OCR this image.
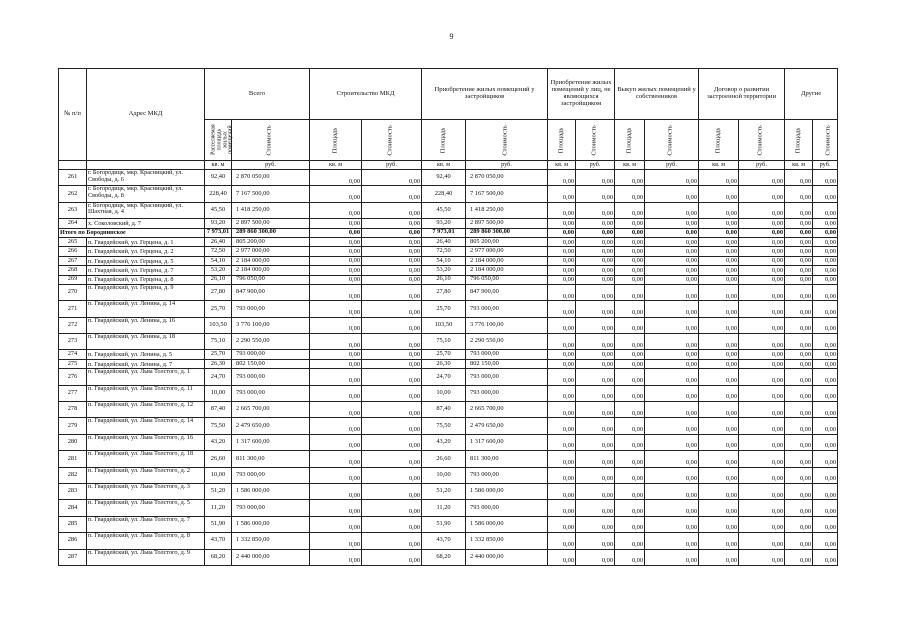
9
№ п/п	Адрес МКД	Всего		Строительство МКД		Приобретение жилых помещений у застройщиков		Приобретение жилых помещений у лиц, не являющихся застройщиком		Выкуп жилых помещений у собственников		Договор о развитии застроенной территории		Другие	
		Расселяемая площадь жилых помещений	Стоимость	Площадь	Стоимость	Площадь	Стоимость	Площадь	Стоимость	Площадь	Стоимость	Площадь	Стоимость	Площадь	Стоимость
		кв. м	руб.	кв. м	руб.	кв. м	руб.	кв. м	руб.	кв. м	руб.	кв. м	руб.	кв. м	руб.
261	г. Богородицк, мкр. Красницкий, ул. Свободы, д. 6	92,40	2 870 050,00	0,00	0,00	92,40	2 870 050,00	0,00	0,00	0,00	0,00	0,00	0,00	0,00	0,00
262	г. Богородицк, мкр. Красницкий, ул. Свободы, д. 8	228,40	7 167 500,00	0,00	0,00	228,40	7 167 500,00	0,00	0,00	0,00	0,00	0,00	0,00	0,00	0,00
263	г. Богородицк, мкр. Красницкий, ул. Шахтная, д. 4	45,50	1 418 250,00	0,00	0,00	45,50	1 418 250,00	0,00	0,00	0,00	0,00	0,00	0,00	0,00	0,00
264	х. Соколовский, д. 7	93,20	2 897 500,00	0,00	0,00	93,20	2 897 500,00	0,00	0,00	0,00	0,00	0,00	0,00	0,00	0,00
Итого по Бороднинское		7 973,01	289 860 300,00	0,00	0,00	7 973,01	289 860 300,00	0,00	0,00	0,00	0,00	0,00	0,00	0,00	0,00
265	п. Гвардейский, ул. Герцена, д. 1	26,40	805 200,00	0,00	0,00	26,40	805 200,00	0,00	0,00	0,00	0,00	0,00	0,00	0,00	0,00
266	п. Гвардейский, ул. Герцена, д. 2	72,50	2 977 000,00	0,00	0,00	72,50	2 977 000,00	0,00	0,00	0,00	0,00	0,00	0,00	0,00	0,00
267	п. Гвардейский, ул. Герцена, д. 5	54,10	2 184 000,00	0,00	0,00	54,10	2 184 000,00	0,00	0,00	0,00	0,00	0,00	0,00	0,00	0,00
268	п. Гвардейский, ул. Герцена, д. 7	53,20	2 184 000,00	0,00	0,00	53,20	2 184 000,00	0,00	0,00	0,00	0,00	0,00	0,00	0,00	0,00
269	п. Гвардейский, ул. Герцена, д. 8	26,10	796 050,00	0,00	0,00	26,10	796 050,00	0,00	0,00	0,00	0,00	0,00	0,00	0,00	0,00
270	п. Гвардейский, ул. Герцена, д. 9	27,80	847 900,00	0,00	0,00	27,80	847 900,00	0,00	0,00	0,00	0,00	0,00	0,00	0,00	0,00
271	п. Гвардейский, ул. Ленина, д. 14	25,70	793 000,00	0,00	0,00	25,70	793 000,00	0,00	0,00	0,00	0,00	0,00	0,00	0,00	0,00
272	п. Гвардейский, ул. Ленина, д. 16	103,50	3 776 100,00	0,00	0,00	103,50	3 776 100,00	0,00	0,00	0,00	0,00	0,00	0,00	0,00	0,00
273	п. Гвардейский, ул. Ленина, д. 18	75,10	2 290 550,00	0,00	0,00	75,10	2 290 550,00	0,00	0,00	0,00	0,00	0,00	0,00	0,00	0,00
274	п. Гвардейский, ул. Ленина, д. 5	25,70	793 000,00	0,00	0,00	25,70	793 000,00	0,00	0,00	0,00	0,00	0,00	0,00	0,00	0,00
275	п. Гвардейский, ул. Ленина, д. 7	26,30	802 150,00	0,00	0,00	26,30	802 150,00	0,00	0,00	0,00	0,00	0,00	0,00	0,00	0,00
276	п. Гвардейский, ул. Льва Толстого, д. 1	24,70	793 000,00	0,00	0,00	24,70	793 000,00	0,00	0,00	0,00	0,00	0,00	0,00	0,00	0,00
277	п. Гвардейский, ул. Льва Толстого, д. 11	10,00	793 000,00	0,00	0,00	10,00	793 000,00	0,00	0,00	0,00	0,00	0,00	0,00	0,00	0,00
278	п. Гвардейский, ул. Льва Толстого, д. 12	87,40	2 665 700,00	0,00	0,00	87,40	2 665 700,00	0,00	0,00	0,00	0,00	0,00	0,00	0,00	0,00
279	п. Гвардейский, ул. Льва Толстого, д. 14	75,50	2 479 650,00	0,00	0,00	75,50	2 479 650,00	0,00	0,00	0,00	0,00	0,00	0,00	0,00	0,00
280	п. Гвардейский, ул. Льва Толстого, д. 16	43,20	1 317 600,00	0,00	0,00	43,20	1 317 600,00	0,00	0,00	0,00	0,00	0,00	0,00	0,00	0,00
281	п. Гвардейский, ул. Льва Толстого, д. 18	26,60	811 300,00	0,00	0,00	26,60	811 300,00	0,00	0,00	0,00	0,00	0,00	0,00	0,00	0,00
282	п. Гвардейский, ул. Льва Толстого, д. 2	10,00	793 000,00	0,00	0,00	10,00	793 000,00	0,00	0,00	0,00	0,00	0,00	0,00	0,00	0,00
283	п. Гвардейский, ул. Льва Толстого, д. 3	51,20	1 586 000,00	0,00	0,00	51,20	1 586 000,00	0,00	0,00	0,00	0,00	0,00	0,00	0,00	0,00
284	п. Гвардейский, ул. Льва Толстого, д. 5	11,20	793 000,00	0,00	0,00	11,20	793 000,00	0,00	0,00	0,00	0,00	0,00	0,00	0,00	0,00
285	п. Гвардейский, ул. Льва Толстого, д. 7	51,90	1 586 000,00	0,00	0,00	51,90	1 586 000,00	0,00	0,00	0,00	0,00	0,00	0,00	0,00	0,00
286	п. Гвардейский, ул. Льва Толстого, д. 8	43,70	1 332 850,00	0,00	0,00	43,70	1 332 850,00	0,00	0,00	0,00	0,00	0,00	0,00	0,00	0,00
287	п. Гвардейский, ул. Льва Толстого, д. 9	68,20	2 440 000,00	0,00	0,00	68,20	2 440 000,00	0,00	0,00	0,00	0,00	0,00	0,00	0,00	0,00
